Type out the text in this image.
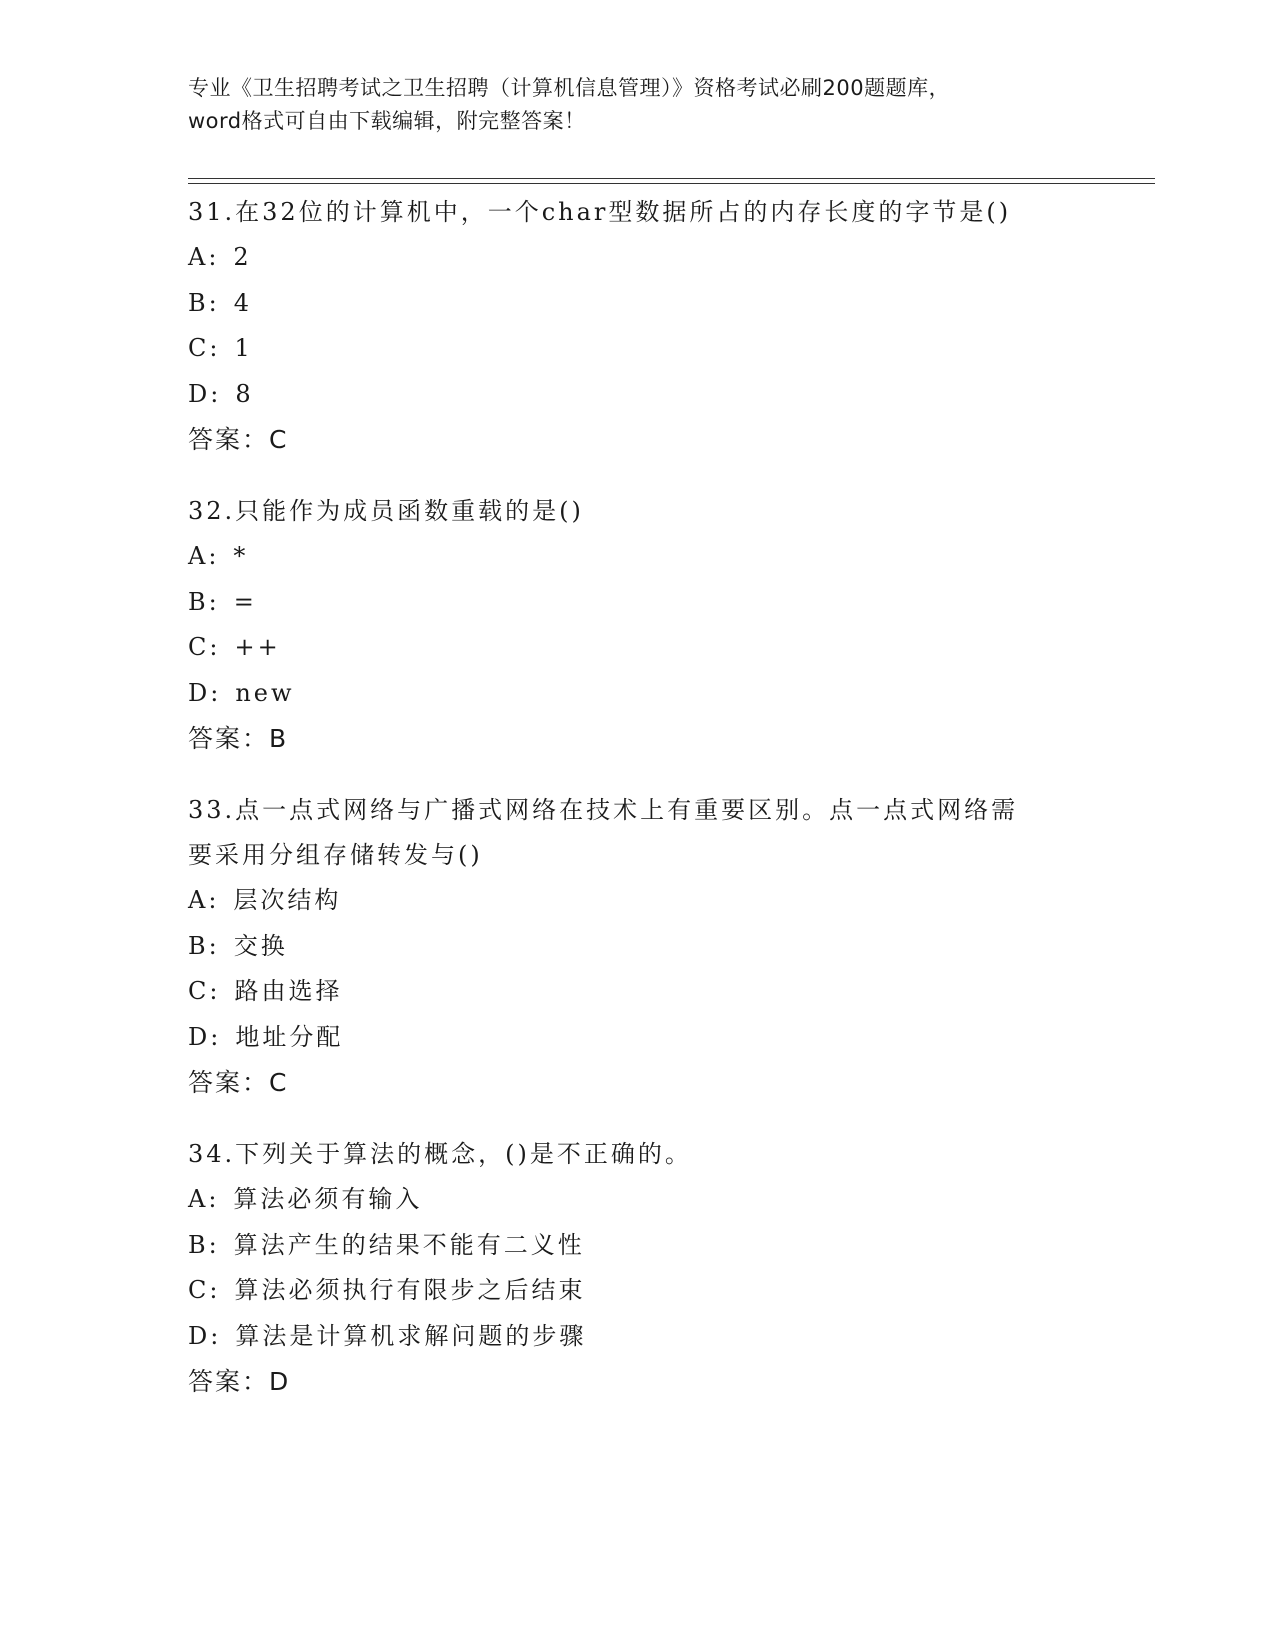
专业《卫生招聘考试之卫生招聘（计算机信息管理）》资格考试必刷200题题库，
word格式可自由下载编辑，附完整答案！
31.在32位的计算机中，一个char型数据所占的内存长度的字节是()
A: 2
B: 4
C: 1
D: 8
答案：C
32.只能作为成员函数重载的是()
A: *
B: =
C: ++
D: new
答案：B
33.点一点式网络与广播式网络在技术上有重要区别。点一点式网络需要采用分组存储转发与()
A: 层次结构
B: 交换
C: 路由选择
D: 地址分配
答案：C
34.下列关于算法的概念，()是不正确的。
A: 算法必须有输入
B: 算法产生的结果不能有二义性
C: 算法必须执行有限步之后结束
D: 算法是计算机求解问题的步骤
答案：D
